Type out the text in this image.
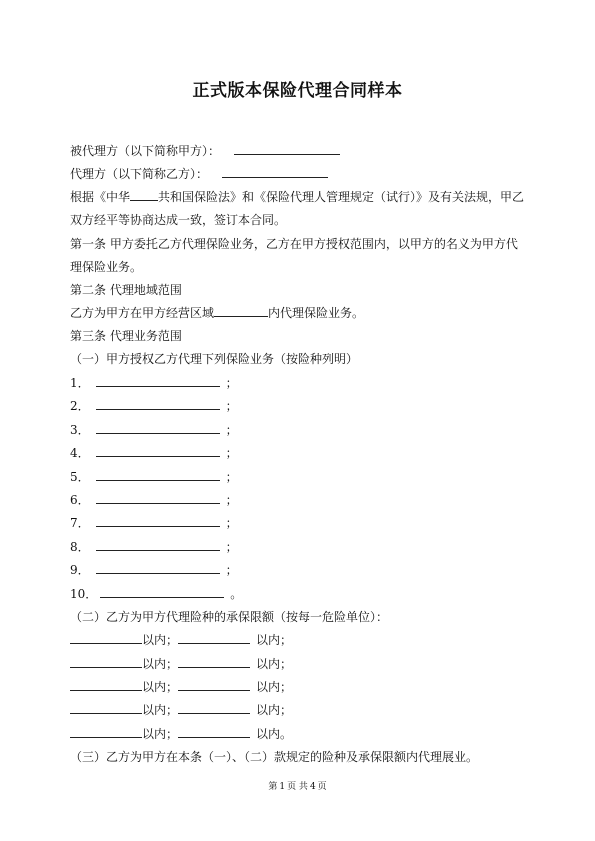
正式版本保险代理合同样本
被代理方（以下简称甲方）：
代理方（以下简称乙方）：
根据《中华 共和国保险法》和《保险代理人管理规定（试行）》及有关法规，甲乙
双方经平等协商达成一致，签订本合同。
第一条 甲方委托乙方代理保险业务，乙方在甲方授权范围内，以甲方的名义为甲方代
理保险业务。
第二条 代理地域范围
乙方为甲方在甲方经营区域	内代理保险业务。
第三条 代理业务范围
（一）甲方授权乙方代理下列保险业务（按险种列明）
1．	；
2．	；
3．	；
4．	；
5．	；
6．	；
7．	；
8．	；
9．	；
10．	。
（二）乙方为甲方代理险种的承保限额（按每一危险单位）：
以内；	以内；
以内；	以内；
以内；	以内；
以内；	以内；
以内；	以内。
（三）乙方为甲方在本条（一）、（二）款规定的险种及承保限额内代理展业。
第 1 页 共 4 页
